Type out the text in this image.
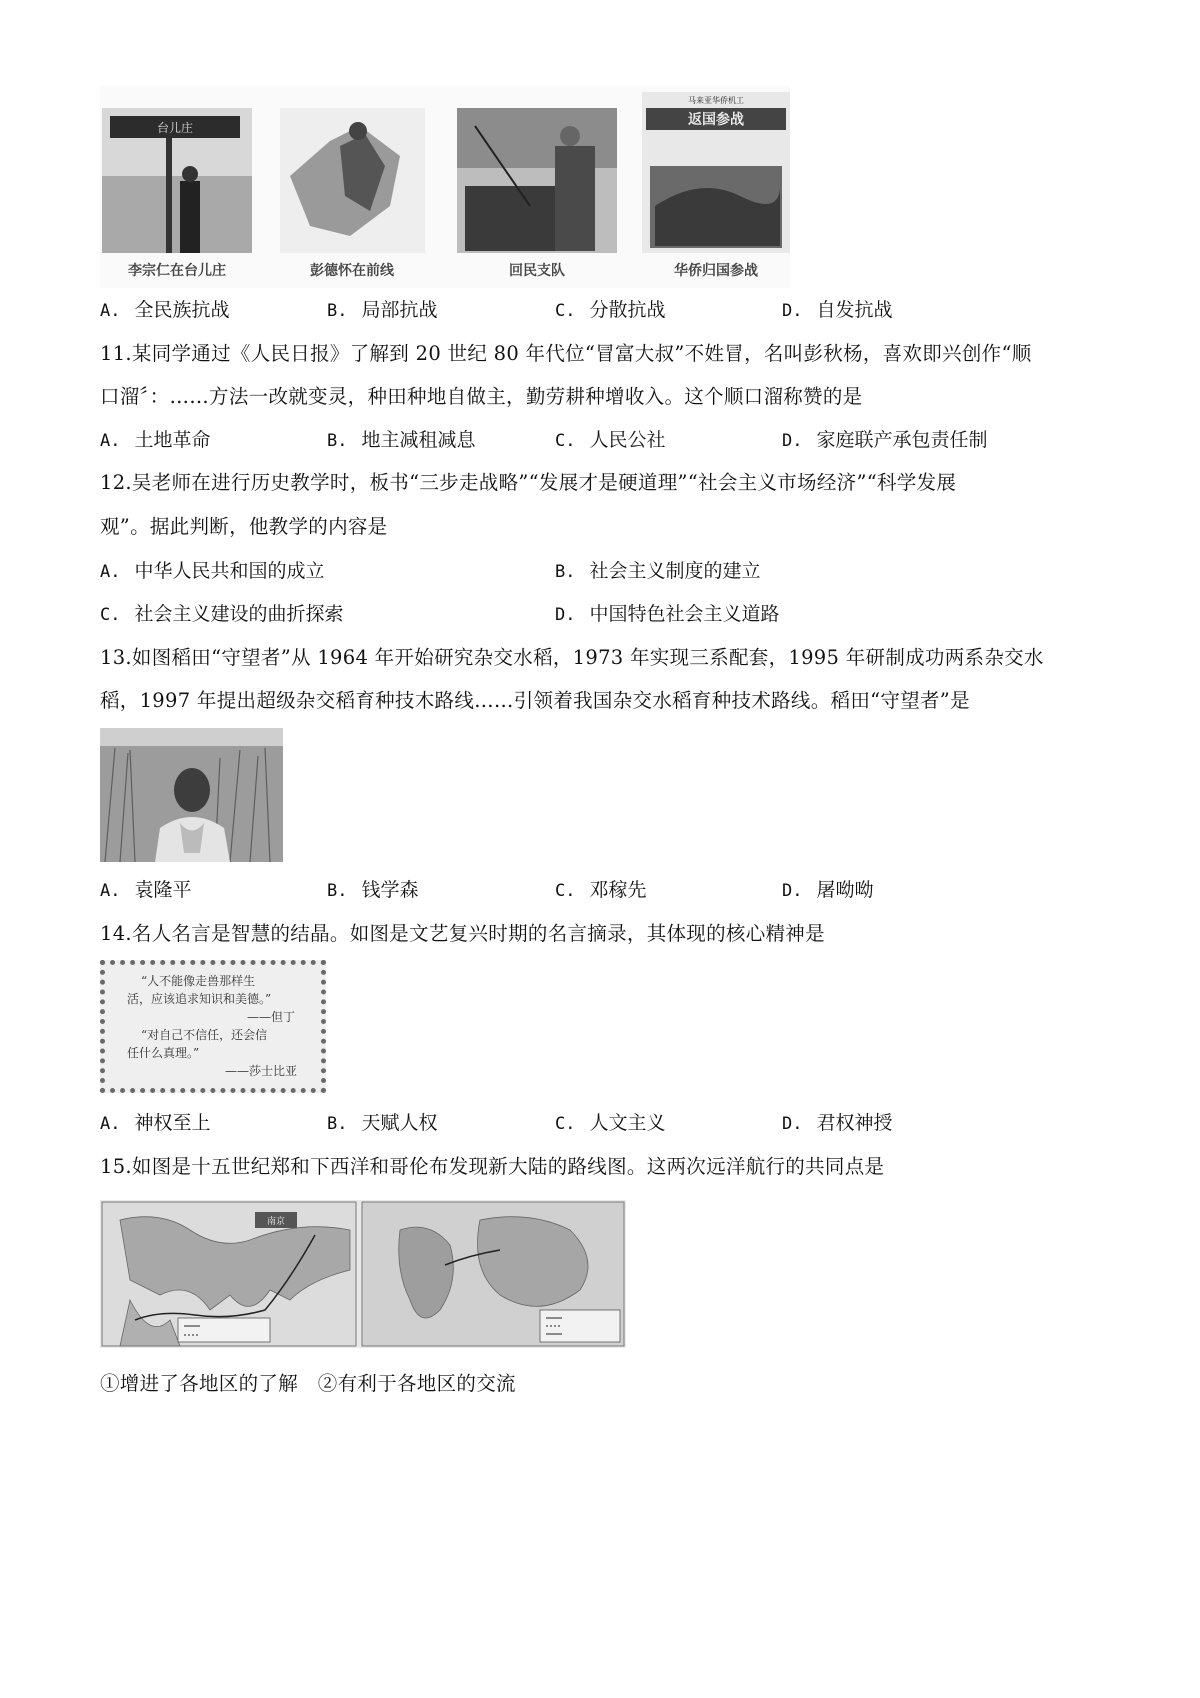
台儿庄
马来亚华侨机工
返国参战
李宗仁在台儿庄	彭德怀在前线	回民支队	华侨归国参战
A. 全民族抗战	B. 局部抗战	C. 分散抗战	D. 自发抗战
11.某同学通过《人民日报》了解到 20 世纪 80 年代位“冒富大叔”不姓冒，名叫彭秋杨，喜欢即兴创作“顺
口溜〞：……方法一改就变灵，种田种地自做主，勤劳耕种增收入。这个顺口溜称赞的是
A. 土地革命	B. 地主减租减息	C. 人民公社	D. 家庭联产承包责任制
12.吴老师在进行历史教学时，板书“三步走战略”“发展才是硬道理”“社会主义市场经济”“科学发展
观”。据此判断，他教学的内容是
A. 中华人民共和国的成立	B. 社会主义制度的建立
C. 社会主义建设的曲折探索	D. 中国特色社会主义道路
13.如图稻田“守望者”从 1964 年开始研究杂交水稻，1973 年实现三系配套，1995 年研制成功两系杂交水
稻，1997 年提出超级杂交稻育种技木路线……引领着我国杂交水稻育种技术路线。稻田“守望者”是
A. 袁隆平	B. 钱学森	C. 邓稼先	D. 屠呦呦
14.名人名言是智慧的结晶。如图是文艺复兴时期的名言摘录，其体现的核心精神是
“人不能像走兽那样生
活，应该追求知识和美德。”
——但丁
“对自己不信任，还会信
任什么真理。”
——莎士比亚
A. 神权至上	B. 天赋人权	C. 人文主义	D. 君权神授
15.如图是十五世纪郑和下西洋和哥伦布发现新大陆的路线图。这两次远洋航行的共同点是
南京
①增进了各地区的了解　②有利于各地区的交流
